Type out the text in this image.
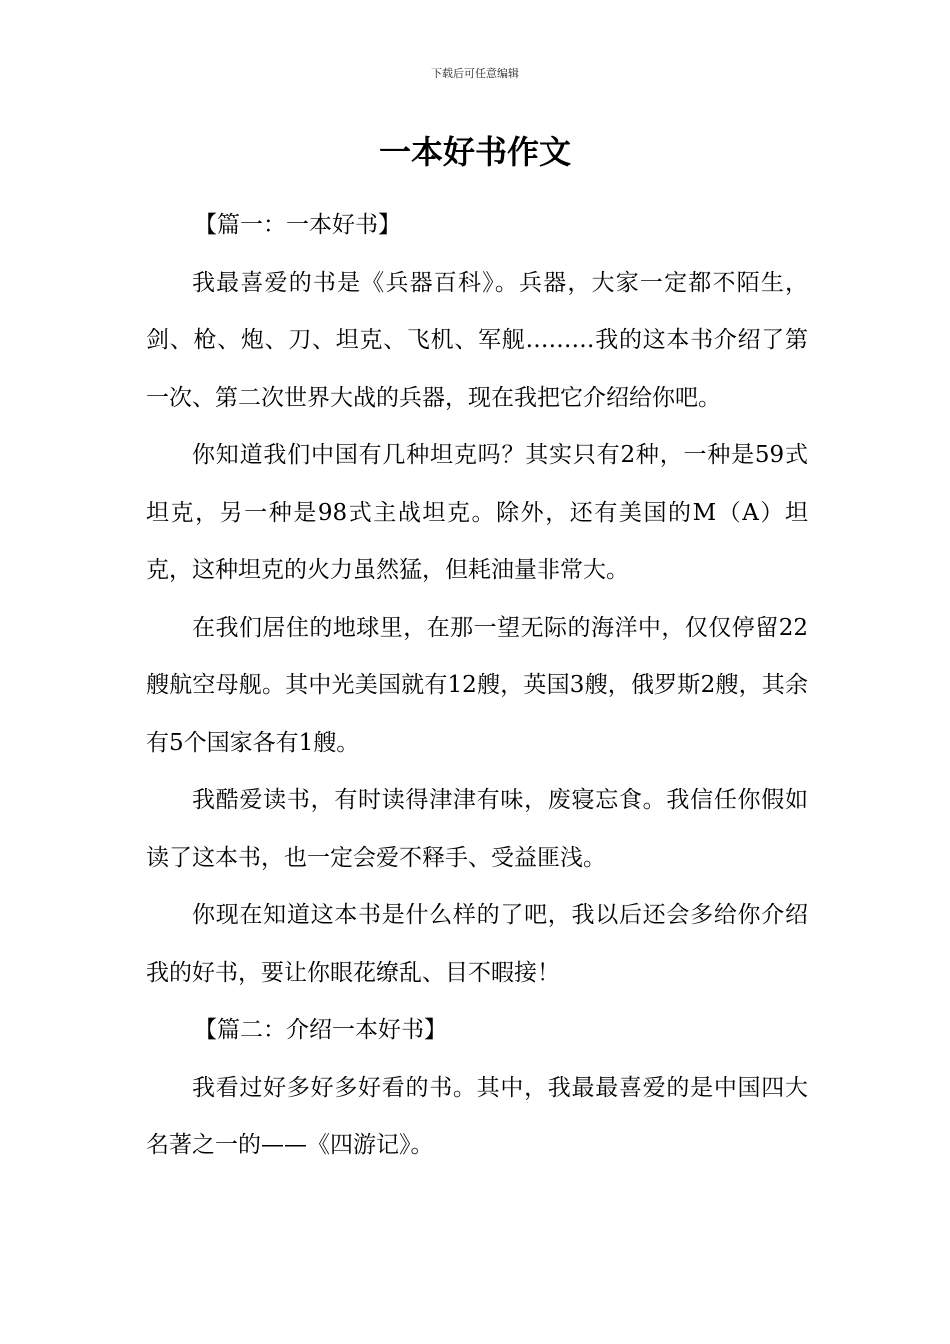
下载后可任意编辑
一本好书作文

【篇一：一本好书】

我最喜爱的书是《兵器百科》。兵器，大家一定都不陌生，剑、枪、炮、刀、坦克、飞机、军舰………我的这本书介绍了第一次、第二次世界大战的兵器，现在我把它介绍给你吧。

你知道我们中国有几种坦克吗？其实只有2种，一种是59式坦克，另一种是98式主战坦克。除外，还有美国的M（A）坦克，这种坦克的火力虽然猛，但耗油量非常大。

在我们居住的地球里，在那一望无际的海洋中，仅仅停留22艘航空母舰。其中光美国就有12艘，英国3艘，俄罗斯2艘，其余有5个国家各有1艘。

我酷爱读书，有时读得津津有味，废寝忘食。我信任你假如读了这本书，也一定会爱不释手、受益匪浅。

你现在知道这本书是什么样的了吧，我以后还会多给你介绍我的好书，要让你眼花缭乱、目不暇接！

【篇二：介绍一本好书】

我看过好多好多好看的书。其中，我最最喜爱的是中国四大名著之一的——《四游记》。
